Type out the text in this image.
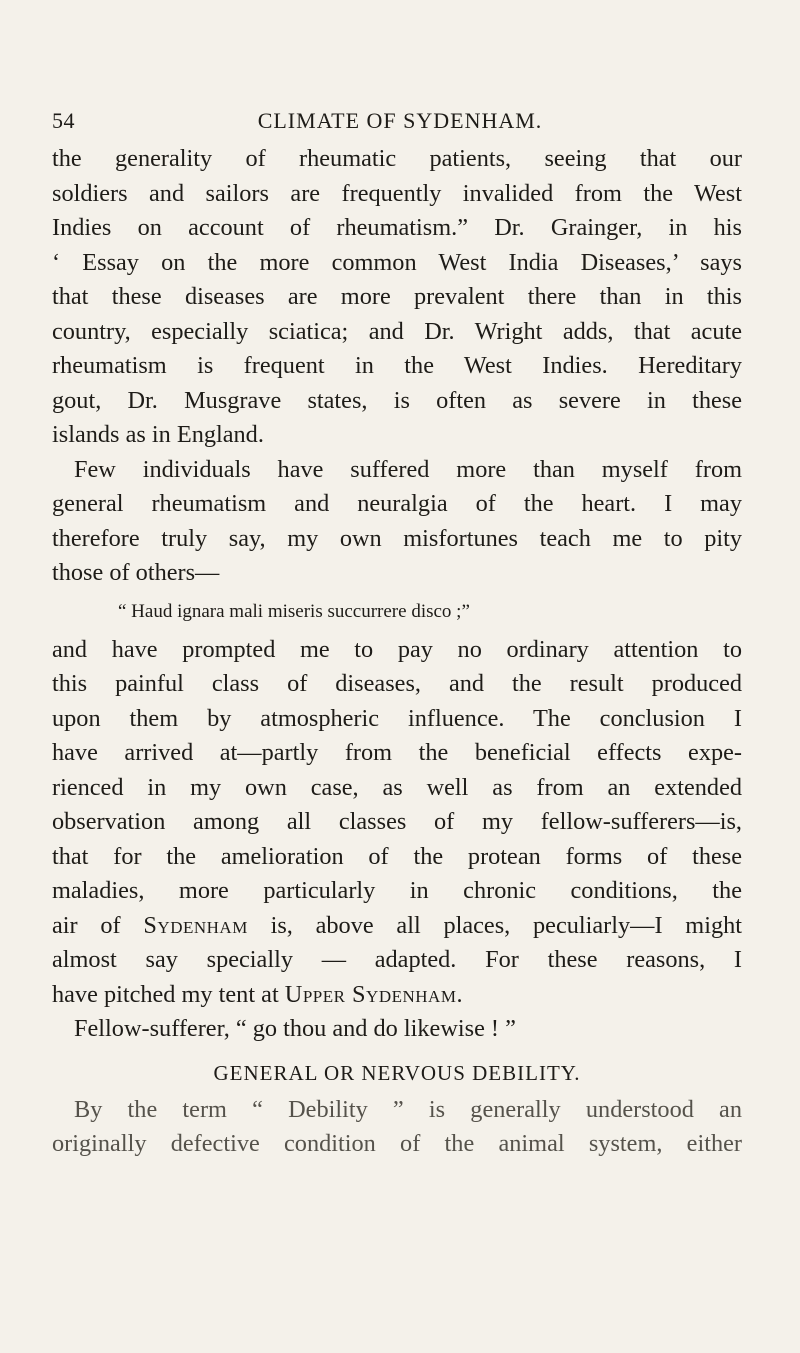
54	CLIMATE OF SYDENHAM.
the generality of rheumatic patients, seeing that our
soldiers and sailors are frequently invalided from the West
Indies on account of rheumatism.” Dr. Grainger, in his
‘ Essay on the more common West India Diseases,’ says
that these diseases are more prevalent there than in this
country, especially sciatica; and Dr. Wright adds, that acute
rheumatism is frequent in the West Indies. Hereditary
gout, Dr. Musgrave states, is often as severe in these
islands as in England.
Few individuals have suffered more than myself from
general rheumatism and neuralgia of the heart. I may
therefore truly say, my own misfortunes teach me to pity
those of others—
“ Haud ignara mali miseris succurrere disco ;”
and have prompted me to pay no ordinary attention to
this painful class of diseases, and the result produced
upon them by atmospheric influence. The conclusion I
have arrived at—partly from the beneficial effects expe-
rienced in my own case, as well as from an extended
observation among all classes of my fellow-sufferers—is,
that for the amelioration of the protean forms of these
maladies, more particularly in chronic conditions, the
air of Sydenham is, above all places, peculiarly—I might
almost say specially — adapted. For these reasons, I
have pitched my tent at Upper Sydenham.
Fellow-sufferer, “ go thou and do likewise ! ”
GENERAL OR NERVOUS DEBILITY.
By the term “ Debility ” is generally understood an
originally defective condition of the animal system, either
